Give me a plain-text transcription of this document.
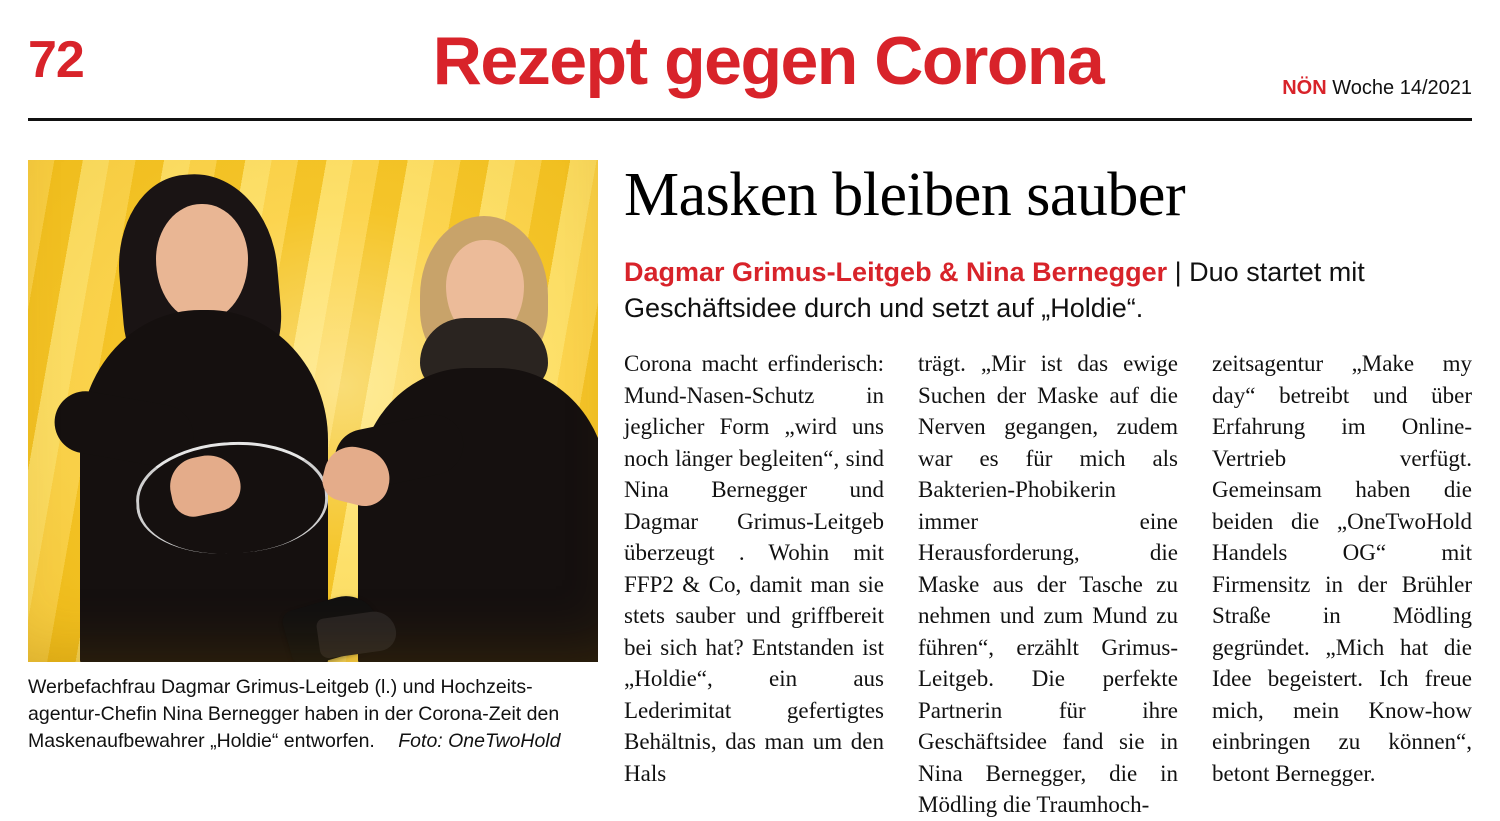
72	Rezept gegen Corona	NÖN Woche 14/2021
Werbefachfrau Dagmar Grimus-Leitgeb (l.) und Hochzeits-agentur-Chefin Nina Bernegger haben in der Corona-Zeit den Maskenaufbewahrer „Holdie“ entworfen. Foto: OneTwoHold
Masken bleiben sauber
Dagmar Grimus-Leitgeb & Nina Bernegger | Duo startet mit Geschäftsidee durch und setzt auf „Holdie“.

Corona macht erfinderisch: Mund-Nasen-Schutz in jeglicher Form „wird uns noch länger begleiten“, sind Nina Bernegger und Dagmar Grimus-Leitgeb überzeugt . Wohin mit FFP2 & Co, damit man sie stets sauber und griffbereit bei sich hat? Entstanden ist „Holdie“, ein aus Lederimitat gefertigtes Behältnis, das man um den Hals

trägt. „Mir ist das ewige Suchen der Maske auf die Nerven gegangen, zudem war es für mich als Bakterien-Phobikerin immer eine Herausforderung, die Maske aus der Tasche zu nehmen und zum Mund zu führen“, erzählt Grimus-Leitgeb. Die perfekte Partnerin für ihre Geschäftsidee fand sie in Nina Bernegger, die in Mödling die Traumhoch-

zeitsagentur „Make my day“ betreibt und über Erfahrung im Online-Vertrieb verfügt. Gemeinsam haben die beiden die „OneTwoHold Handels OG“ mit Firmensitz in der Brühler Straße in Mödling gegründet. „Mich hat die Idee begeistert. Ich freue mich, mein Know-how einbringen zu können“, betont Bernegger.
